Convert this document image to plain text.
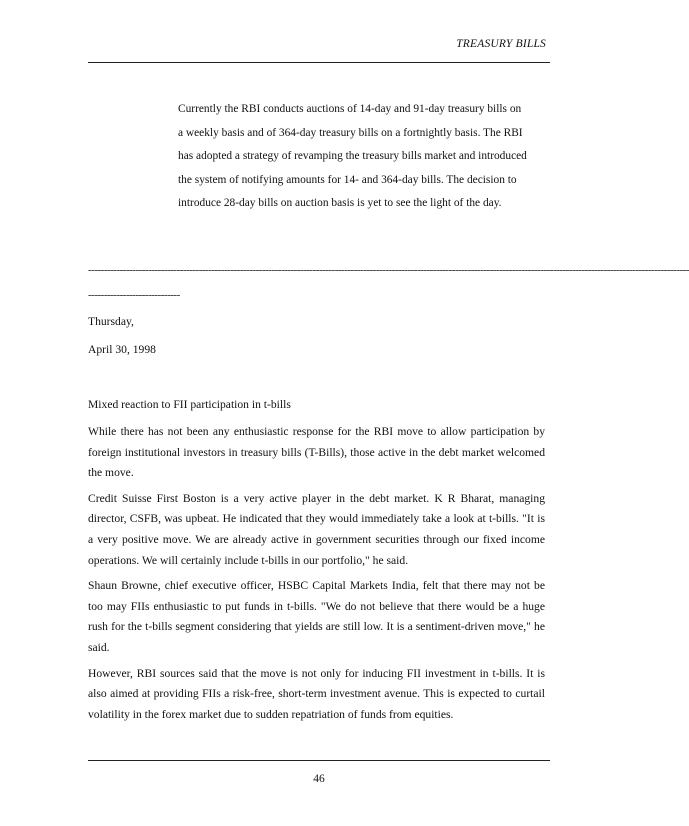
TREASURY BILLS

Currently the RBI conducts auctions of 14-day and 91-day treasury bills on

a weekly basis and of 364-day treasury bills on a fortnightly basis. The RBI

has adopted a strategy of revamping the treasury bills market and introduced

the system of notifying amounts for 14- and 364-day bills. The decision to

introduce 28-day bills on auction basis is yet to see the light of the day.

----------------------------------------------------------------------------------------------------------------------------------------------------------------------------------------------
-----------------------------
Thursday,
April 30, 1998
Mixed reaction to FII participation in t-bills

While there has not been any enthusiastic response for the RBI move to allow participation by foreign institutional investors in treasury bills (T-Bills), those active in the debt market welcomed the move.

Credit Suisse First Boston is a very active player in the debt market. K R Bharat, managing director, CSFB, was upbeat. He indicated that they would immediately take a look at t-bills. "It is a very positive move. We are already active in government securities through our fixed income operations. We will certainly include t-bills in our portfolio," he said.

Shaun Browne, chief executive officer, HSBC Capital Markets India, felt that there may not be too may FIIs enthusiastic to put funds in t-bills. "We do not believe that there would be a huge rush for the t-bills segment considering that yields are still low. It is a sentiment-driven move," he said.

However, RBI sources said that the move is not only for inducing FII investment in t-bills. It is also aimed at providing FIIs a risk-free, short-term investment avenue. This is expected to curtail volatility in the forex market due to sudden repatriation of funds from equities.

46
